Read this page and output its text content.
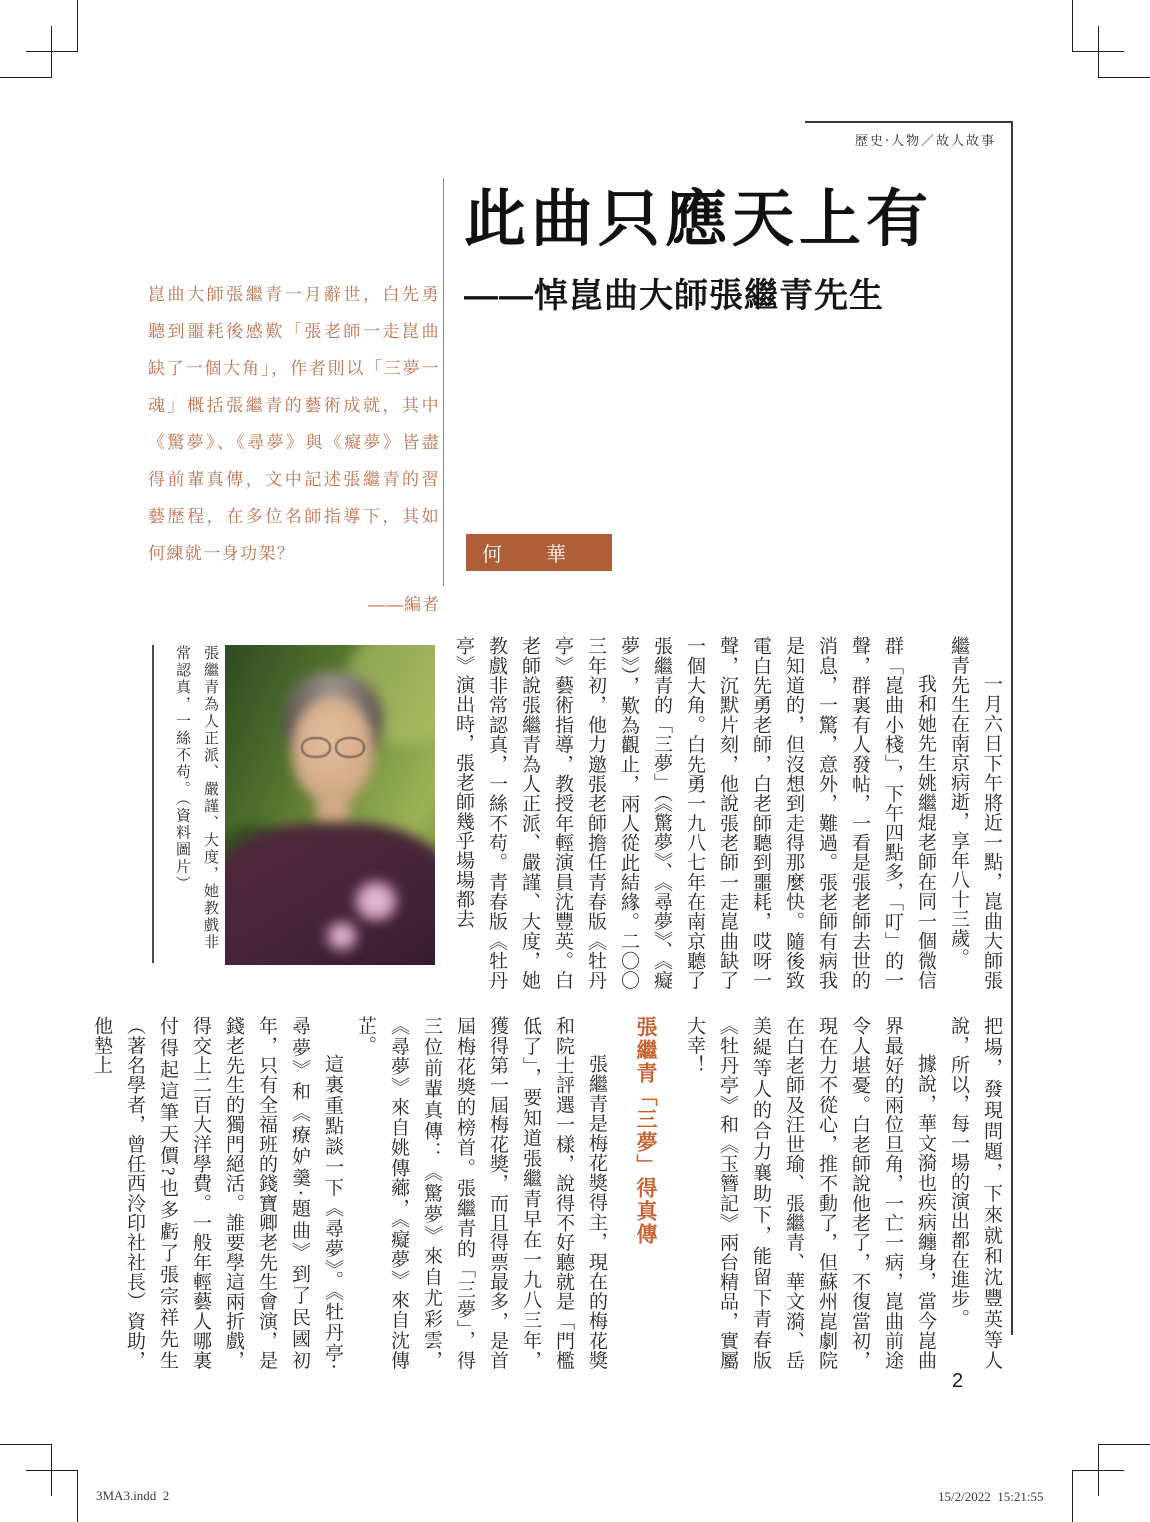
歷史‧人物／故人故事
崑曲大師張繼青一月辭世，白先勇聽到噩耗後感歎「張老師一走崑曲缺了一個大角」，作者則以「三夢一魂」概括張繼青的藝術成就，其中《驚夢》、《尋夢》與《癡夢》皆盡得前輩真傳，文中記述張繼青的習藝歷程，在多位名師指導下，其如何練就一身功架？
——編者
此曲只應天上有
——悼崑曲大師張繼青先生
何　華
張繼青為人正派、嚴謹、大度，她教戲非常認真，一絲不苟。（資料圖片）	一月六日下午將近一點，崑曲大師張繼青先生在南京病逝，享年八十三歲。

我和她先生姚繼焜老師在同一個微信群「崑曲小棧」，下午四點多，「叮」的一聲，群裏有人發帖，一看是張老師去世的消息，一驚，意外，難過。張老師有病我是知道的，但沒想到走得那麼快。隨後致電白先勇老師，白老師聽到噩耗，哎呀一聲，沉默片刻，他說張老師一走崑曲缺了一個大角。白先勇一九八七年在南京聽了張繼青的「三夢」（《驚夢》、《尋夢》、《癡夢》），歎為觀止，兩人從此結緣。二〇〇三年初，他力邀張老師擔任青春版《牡丹亭》藝術指導，教授年輕演員沈豐英。白老師說張繼青為人正派、嚴謹、大度，她教戲非常認真，一絲不苟。青春版《牡丹亭》演出時，張老師幾乎場場都去

把場，發現問題，下來就和沈豐英等人說，所以，每一場的演出都在進步。

據說，華文漪也疾病纏身，當今崑曲界最好的兩位旦角，一亡一病，崑曲前途令人堪憂。白老師說他老了，不復當初，現在力不從心，推不動了，但蘇州崑劇院在白老師及汪世瑜、張繼青、華文漪、岳美緹等人的合力襄助下，能留下青春版《牡丹亭》和《玉簪記》兩台精品，實屬大幸！

張繼青「三夢」得真傳

張繼青是梅花獎得主，現在的梅花獎和院士評選一樣，說得不好聽就是「門檻低了」，要知道張繼青早在一九八三年，獲得第一屆梅花獎，而且得票最多，是首屆梅花獎的榜首。張繼青的「三夢」，得三位前輩真傳：《驚夢》來自尤彩雲，《尋夢》來自姚傳薌，《癡夢》來自沈傳芷。

這裏重點談一下《尋夢》。《牡丹亭‧尋夢》和《療妒羹‧題曲》到了民國初年，只有全福班的錢寶卿老先生會演，是錢老先生的獨門絕活。誰要學這兩折戲，得交上二百大洋學費。一般年輕藝人哪裏付得起這筆天價?也多虧了張宗祥先生（著名學者，曾任西泠印社社長）資助，他墊上

2
3MA3.indd  2	15/2/2022  15:21:55
